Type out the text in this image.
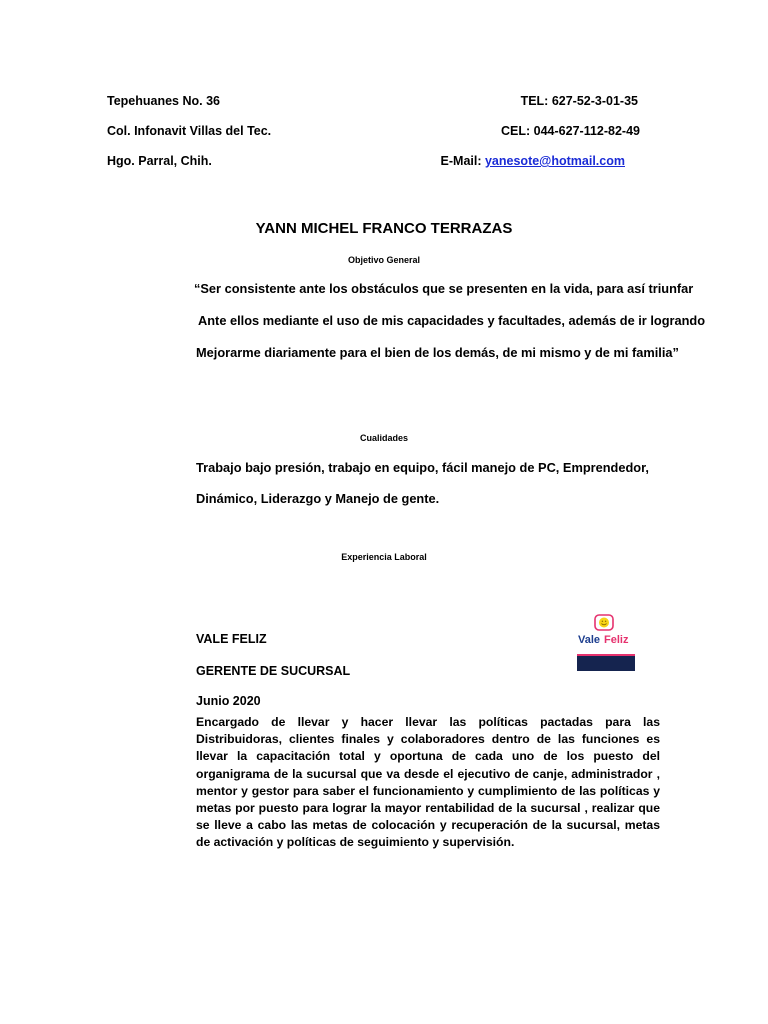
Tepehuanes No. 36
Col. Infonavit Villas del Tec.
Hgo. Parral, Chih.
TEL: 627-52-3-01-35
CEL: 044-627-112-82-49
E-Mail: yanesote@hotmail.com
YANN MICHEL FRANCO TERRAZAS
Objetivo General
“Ser consistente ante los obstáculos que se presenten en la vida, para así triunfar
Ante ellos mediante el uso de mis capacidades y facultades, además de ir logrando
Mejorarme diariamente para el bien de los demás, de mi mismo y de mi familia”
Cualidades
Trabajo bajo presión, trabajo en equipo, fácil manejo de PC, Emprendedor,
Dinámico, Liderazgo y Manejo de gente.
Experiencia Laboral
VALE FELIZ
GERENTE DE SUCURSAL
Junio 2020
Vale Feliz
Encargado de llevar y hacer llevar las políticas pactadas para las Distribuidoras, clientes finales y colaboradores dentro de las funciones es llevar la capacitación total y oportuna de cada uno de los puesto del organigrama de la sucursal que va desde el ejecutivo de canje, administrador , mentor y gestor para saber el funcionamiento y cumplimiento de las políticas y metas por puesto para lograr la mayor rentabilidad de la sucursal , realizar que se lleve a cabo las metas de colocación y recuperación de la sucursal, metas de activación y políticas de seguimiento y supervisión.
